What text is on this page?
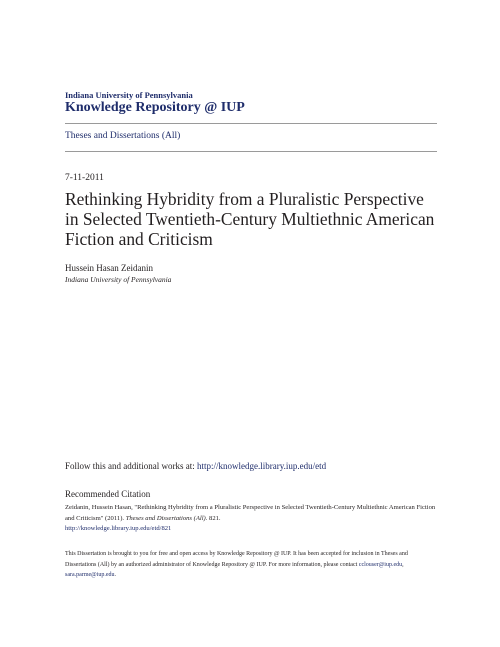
Indiana University of Pennsylvania
Knowledge Repository @ IUP
Theses and Dissertations (All)
7-11-2011
Rethinking Hybridity from a Pluralistic Perspective in Selected Twentieth-Century Multiethnic American Fiction and Criticism
Hussein Hasan Zeidanin
Indiana University of Pennsylvania
Follow this and additional works at: http://knowledge.library.iup.edu/etd
Recommended Citation
Zeidanin, Hussein Hasan, "Rethinking Hybridity from a Pluralistic Perspective in Selected Twentieth-Century Multiethnic American Fiction and Criticism" (2011). Theses and Dissertations (All). 821.
http://knowledge.library.iup.edu/etd/821
This Dissertation is brought to you for free and open access by Knowledge Repository @ IUP. It has been accepted for inclusion in Theses and Dissertations (All) by an authorized administrator of Knowledge Repository @ IUP. For more information, please contact cclouser@iup.edu, sara.parme@iup.edu.
